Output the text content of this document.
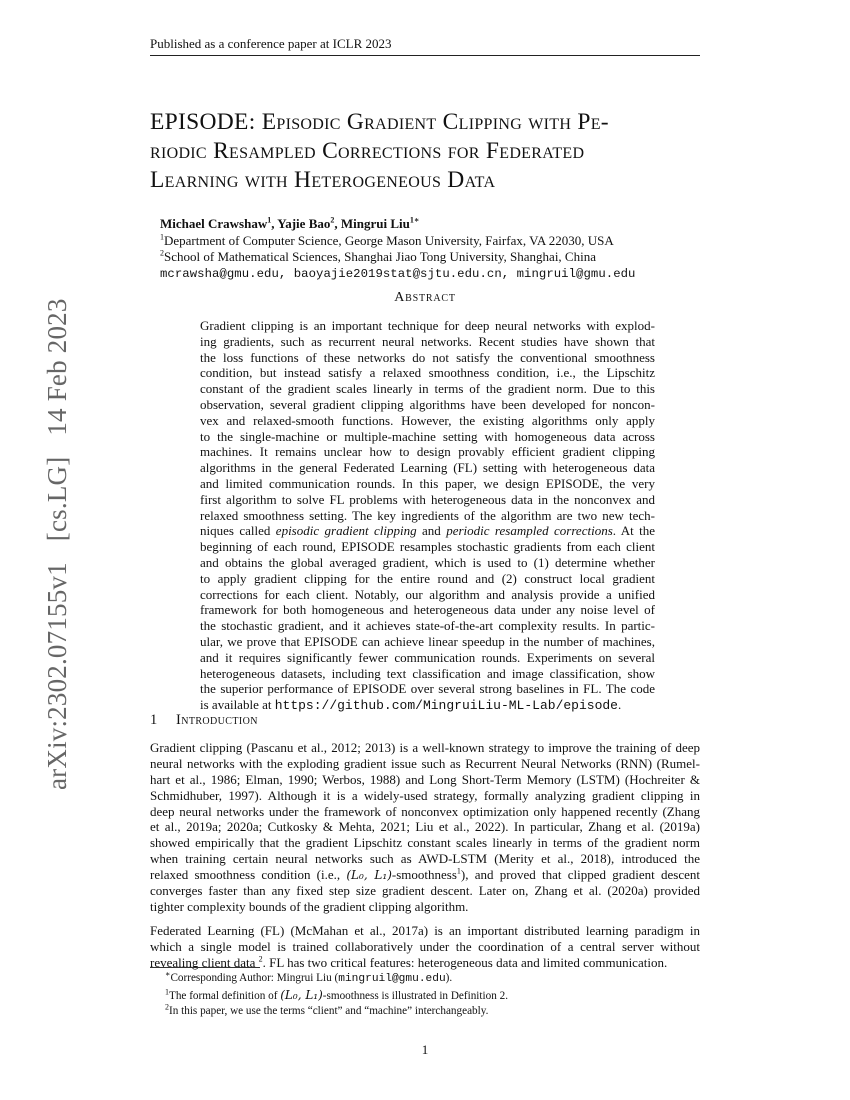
Published as a conference paper at ICLR 2023
arXiv:2302.07155v1 [cs.LG] 14 Feb 2023
EPISODE: Episodic Gradient Clipping with Pe-
riodic Resampled Corrections for Federated
Learning with Heterogeneous Data
Michael Crawshaw$^1$, Yajie Bao$^2$, Mingrui Liu$^{1∗}$
$^1$Department of Computer Science, George Mason University, Fairfax, VA 22030, USA
$^2$School of Mathematical Sciences, Shanghai Jiao Tong University, Shanghai, China
mcrawsha@gmu.edu, baoyajie2019stat@sjtu.edu.cn, mingruil@gmu.edu
Abstract
Gradient clipping is an important technique for deep neural networks with explod-
ing gradients, such as recurrent neural networks. Recent studies have shown that
the loss functions of these networks do not satisfy the conventional smoothness
condition, but instead satisfy a relaxed smoothness condition, i.e., the Lipschitz
constant of the gradient scales linearly in terms of the gradient norm. Due to this
observation, several gradient clipping algorithms have been developed for noncon-
vex and relaxed-smooth functions. However, the existing algorithms only apply
to the single-machine or multiple-machine setting with homogeneous data across
machines. It remains unclear how to design provably efficient gradient clipping
algorithms in the general Federated Learning (FL) setting with heterogeneous data
and limited communication rounds. In this paper, we design EPISODE, the very
first algorithm to solve FL problems with heterogeneous data in the nonconvex and
relaxed smoothness setting. The key ingredients of the algorithm are two new tech-
niques called episodic gradient clipping and periodic resampled corrections. At the
beginning of each round, EPISODE resamples stochastic gradients from each client
and obtains the global averaged gradient, which is used to (1) determine whether
to apply gradient clipping for the entire round and (2) construct local gradient
corrections for each client. Notably, our algorithm and analysis provide a unified
framework for both homogeneous and heterogeneous data under any noise level of
the stochastic gradient, and it achieves state-of-the-art complexity results. In partic-
ular, we prove that EPISODE can achieve linear speedup in the number of machines,
and it requires significantly fewer communication rounds. Experiments on several
heterogeneous datasets, including text classification and image classification, show
the superior performance of EPISODE over several strong baselines in FL. The code
is available at https://github.com/MingruiLiu-ML-Lab/episode.
1 Introduction
Gradient clipping (Pascanu et al., 2012; 2013) is a well-known strategy to improve the training of deep
neural networks with the exploding gradient issue such as Recurrent Neural Networks (RNN) (Rumel-
hart et al., 1986; Elman, 1990; Werbos, 1988) and Long Short-Term Memory (LSTM) (Hochreiter &
Schmidhuber, 1997). Although it is a widely-used strategy, formally analyzing gradient clipping in
deep neural networks under the framework of nonconvex optimization only happened recently (Zhang
et al., 2019a; 2020a; Cutkosky & Mehta, 2021; Liu et al., 2022). In particular, Zhang et al. (2019a)
showed empirically that the gradient Lipschitz constant scales linearly in terms of the gradient norm
when training certain neural networks such as AWD-LSTM (Merity et al., 2018), introduced the
relaxed smoothness condition (i.e., (L₀, L₁)-smoothness$^1$), and proved that clipped gradient descent
converges faster than any fixed step size gradient descent. Later on, Zhang et al. (2020a) provided
tighter complexity bounds of the gradient clipping algorithm.
Federated Learning (FL) (McMahan et al., 2017a) is an important distributed learning paradigm in
which a single model is trained collaboratively under the coordination of a central server without
revealing client data $^2$. FL has two critical features: heterogeneous data and limited communication.
∗Corresponding Author: Mingrui Liu (mingruil@gmu.edu).
$^1$The formal definition of (L₀, L₁)-smoothness is illustrated in Definition 2.
$^2$In this paper, we use the terms “client” and “machine” interchangeably.
1
